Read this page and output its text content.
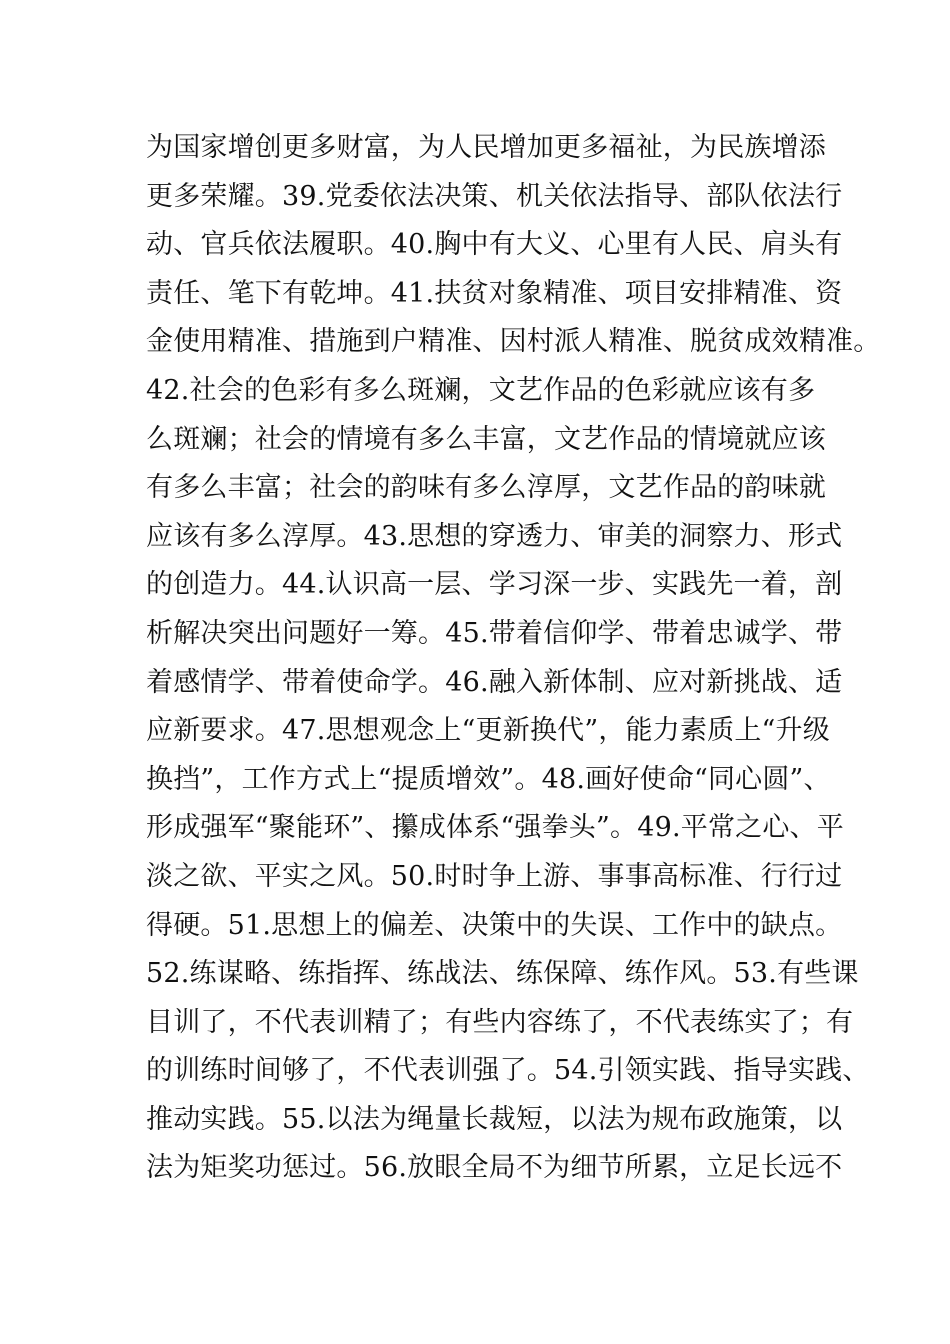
为国家增创更多财富，为人民增加更多福祉，为民族增添
更多荣耀。39.党委依法决策、机关依法指导、部队依法行
动、官兵依法履职。40.胸中有大义、心里有人民、肩头有
责任、笔下有乾坤。41.扶贫对象精准、项目安排精准、资
金使用精准、措施到户精准、因村派人精准、脱贫成效精准。
42.社会的色彩有多么斑斓，文艺作品的色彩就应该有多
么斑斓；社会的情境有多么丰富，文艺作品的情境就应该
有多么丰富；社会的韵味有多么淳厚，文艺作品的韵味就
应该有多么淳厚。43.思想的穿透力、审美的洞察力、形式
的创造力。44.认识高一层、学习深一步、实践先一着，剖
析解决突出问题好一筹。45.带着信仰学、带着忠诚学、带
着感情学、带着使命学。46.融入新体制、应对新挑战、适
应新要求。47.思想观念上“更新换代”，能力素质上“升级
换挡”，工作方式上“提质增效”。48.画好使命“同心圆”、
形成强军“聚能环”、攥成体系“强拳头”。49.平常之心、平
淡之欲、平实之风。50.时时争上游、事事高标准、行行过
得硬。51.思想上的偏差、决策中的失误、工作中的缺点。
52.练谋略、练指挥、练战法、练保障、练作风。53.有些课
目训了，不代表训精了；有些内容练了，不代表练实了；有
的训练时间够了，不代表训强了。54.引领实践、指导实践、
推动实践。55.以法为绳量长裁短，以法为规布政施策，以
法为矩奖功惩过。56.放眼全局不为细节所累，立足长远不
